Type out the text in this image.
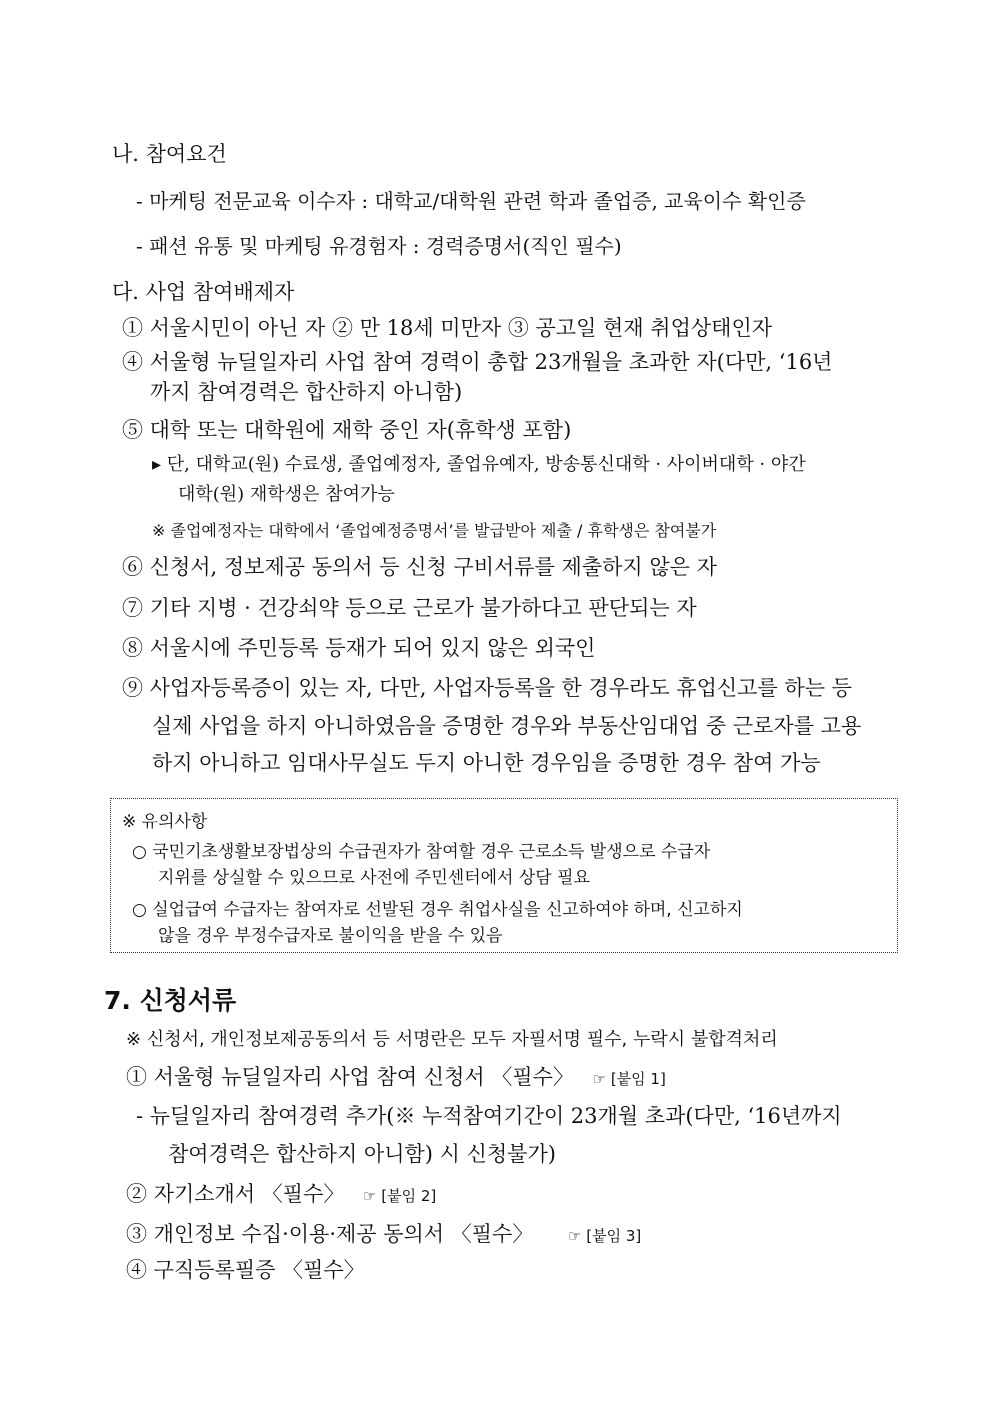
나. 참여요건
- 마케팅 전문교육 이수자 : 대학교/대학원 관련 학과 졸업증, 교육이수 확인증
- 패션 유통 및 마케팅 유경험자 : 경력증명서(직인 필수)
다. 사업 참여배제자
① 서울시민이 아닌 자 ② 만 18세 미만자 ③ 공고일 현재 취업상태인자
④ 서울형 뉴딜일자리 사업 참여 경력이 총합 23개월을 초과한 자(다만, ‘16년
까지 참여경력은 합산하지 아니함)
⑤ 대학 또는 대학원에 재학 중인 자(휴학생 포함)
▸ 단, 대학교(원) 수료생, 졸업예정자, 졸업유예자, 방송통신대학 · 사이버대학 · 야간
대학(원) 재학생은 참여가능
※ 졸업예정자는 대학에서 ‘졸업예정증명서’를 발급받아 제출 / 휴학생은 참여불가
⑥ 신청서, 정보제공 동의서 등 신청 구비서류를 제출하지 않은 자
⑦ 기타 지병 · 건강쇠약 등으로 근로가 불가하다고 판단되는 자
⑧ 서울시에 주민등록 등재가 되어 있지 않은 외국인
⑨ 사업자등록증이 있는 자, 다만, 사업자등록을 한 경우라도 휴업신고를 하는 등
실제 사업을 하지 아니하였음을 증명한 경우와 부동산임대업 중 근로자를 고용
하지 아니하고 임대사무실도 두지 아니한 경우임을 증명한 경우 참여 가능
※ 유의사항
○ 국민기초생활보장법상의 수급권자가 참여할 경우 근로소득 발생으로 수급자
지위를 상실할 수 있으므로 사전에 주민센터에서 상담 필요
○ 실업급여 수급자는 참여자로 선발된 경우 취업사실을 신고하여야 하며, 신고하지
않을 경우 부정수급자로 불이익을 받을 수 있음
7. 신청서류
※ 신청서, 개인정보제공동의서 등 서명란은 모두 자필서명 필수, 누락시 불합격처리
① 서울형 뉴딜일자리 사업 참여 신청서 〈필수〉 ☞ [붙임 1]
- 뉴딜일자리 참여경력 추가(※ 누적참여기간이 23개월 초과(다만, ‘16년까지
참여경력은 합산하지 아니함) 시 신청불가)
② 자기소개서 〈필수〉 ☞ [붙임 2]
③ 개인정보 수집·이용·제공 동의서 〈필수〉 ☞ [붙임 3]
④ 구직등록필증 〈필수〉
